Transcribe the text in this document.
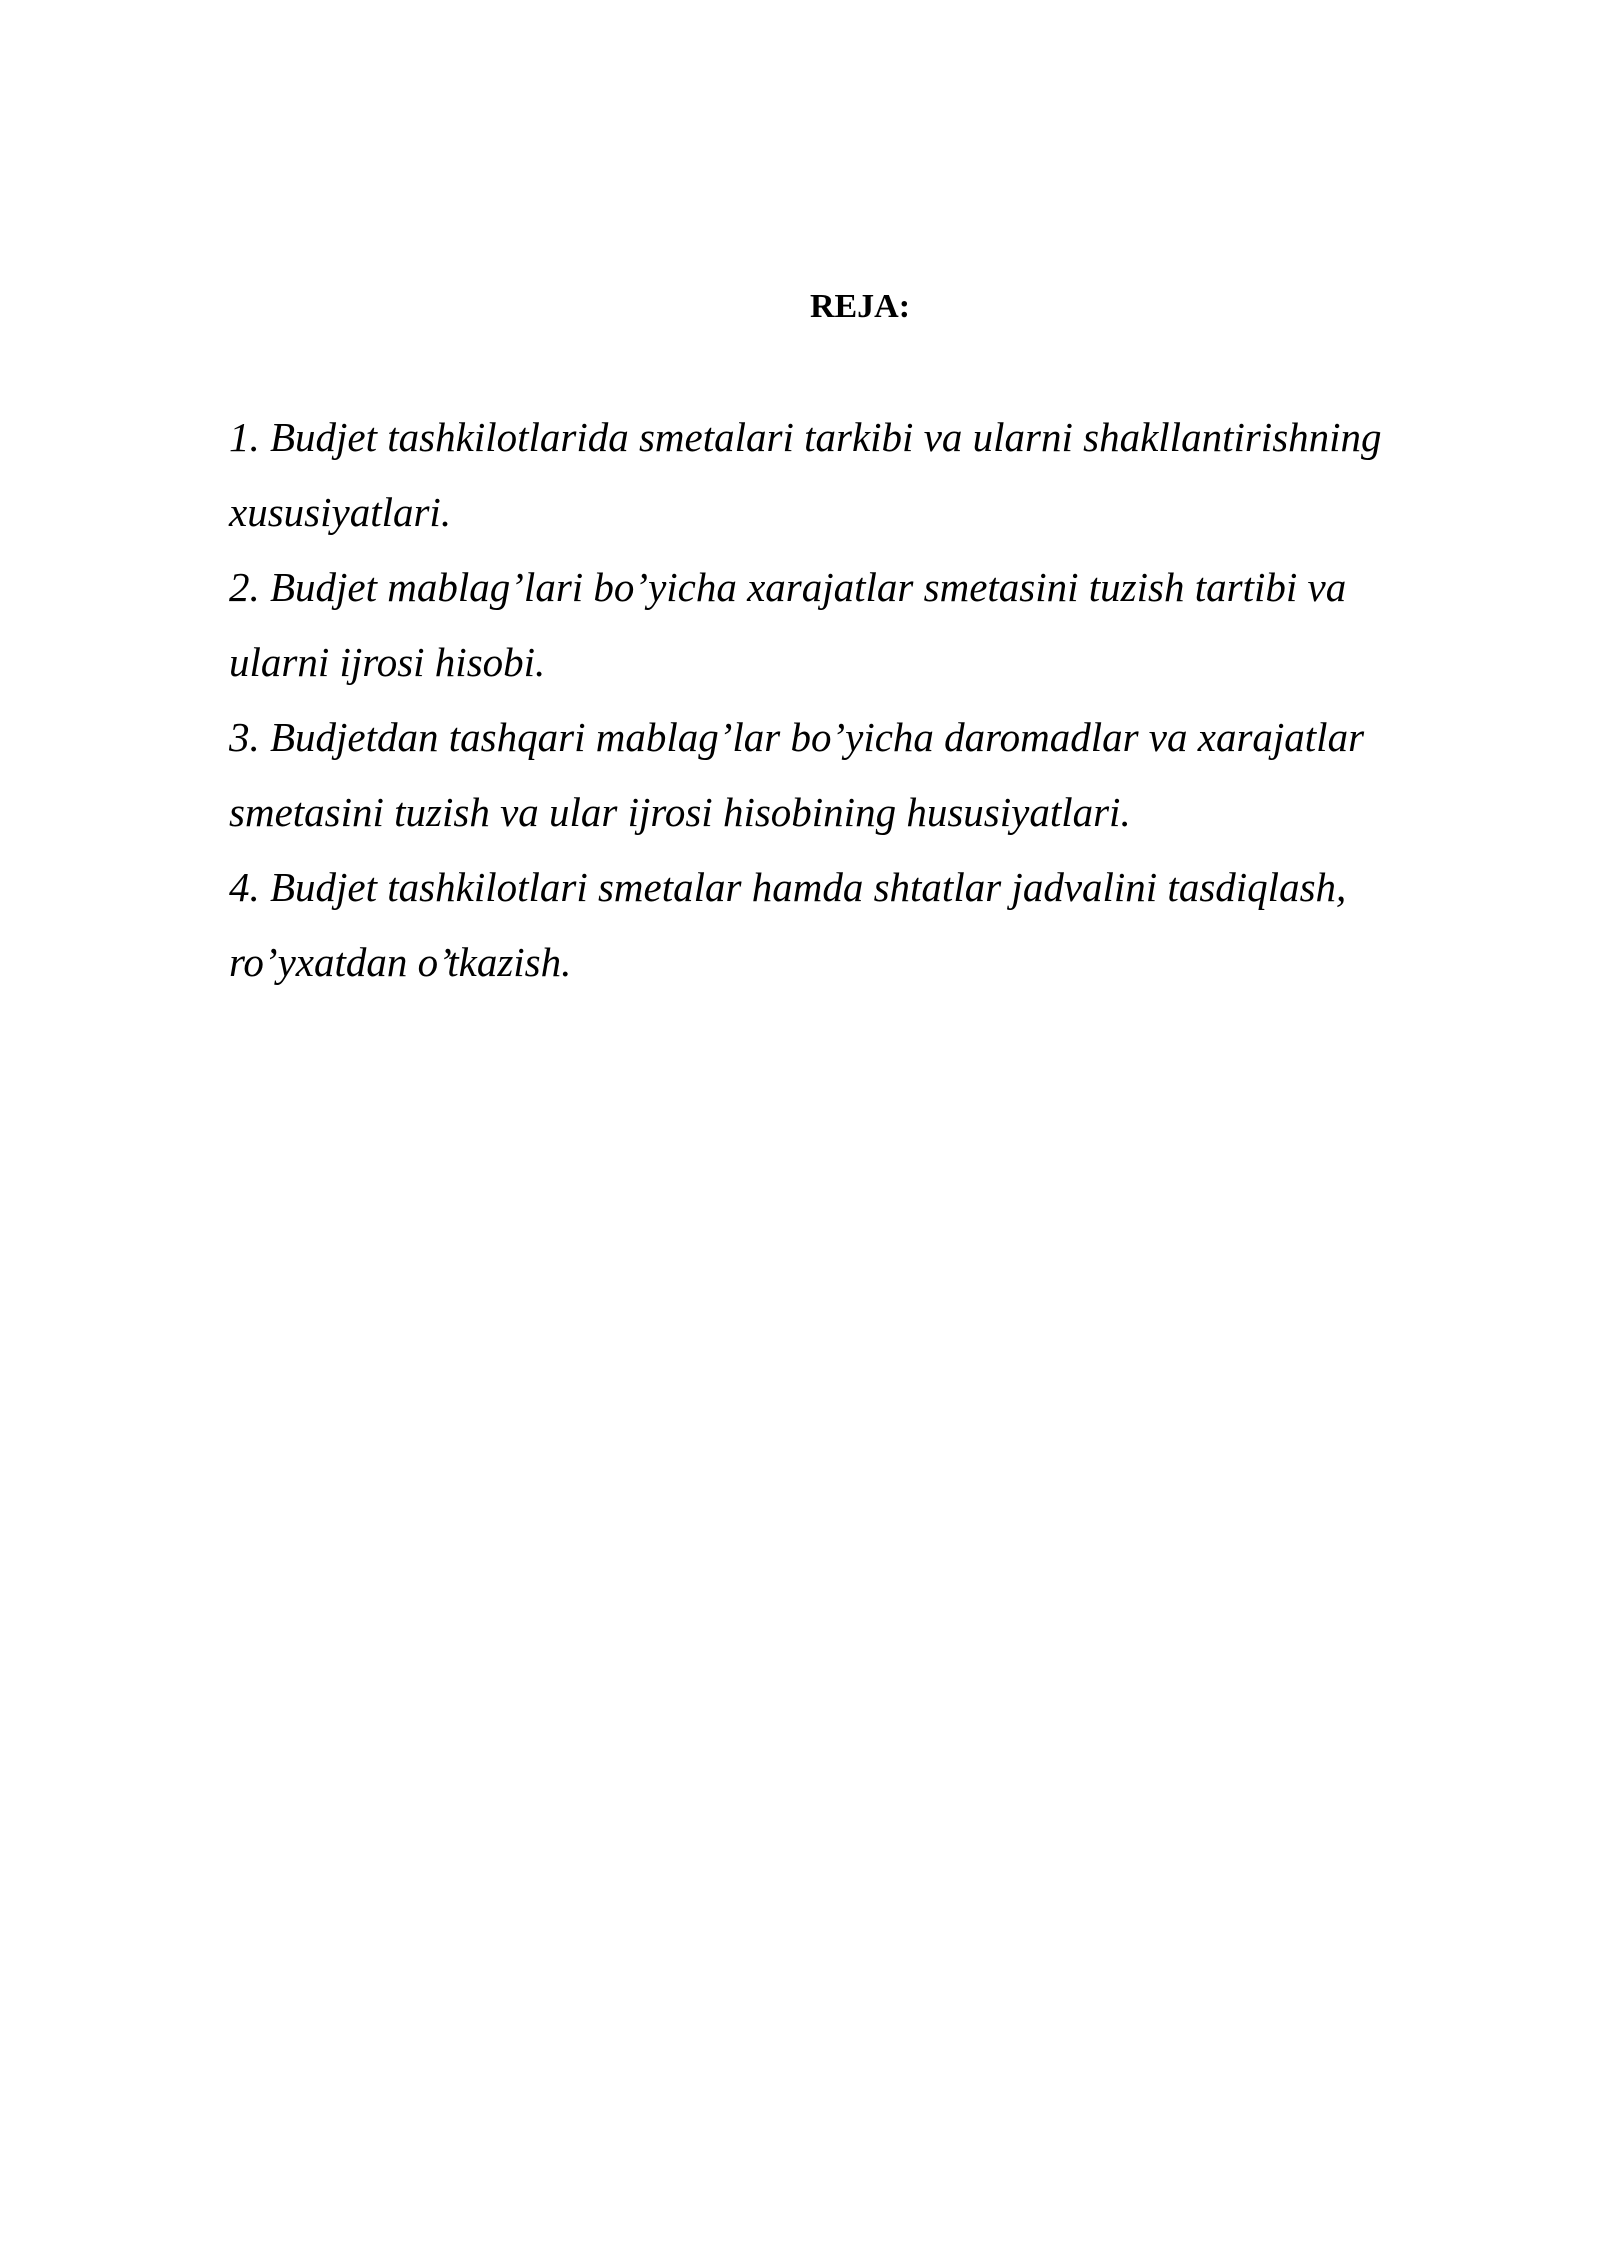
REJA:
1. Budjet tashkilotlarida smetalari tarkibi va ularni shakllantirishning xususiyatlari.
2. Budjet mablag’lari bo’yicha xarajatlar smetasini tuzish tartibi va ularni ijrosi hisobi.
3. Budjetdan tashqari mablag’lar bo’yicha daromadlar va xarajatlar smetasini tuzish va ular ijrosi hisobining hususiyatlari.
4. Budjet tashkilotlari smetalar hamda shtatlar jadvalini tasdiqlash, ro’yxatdan o’tkazish.
